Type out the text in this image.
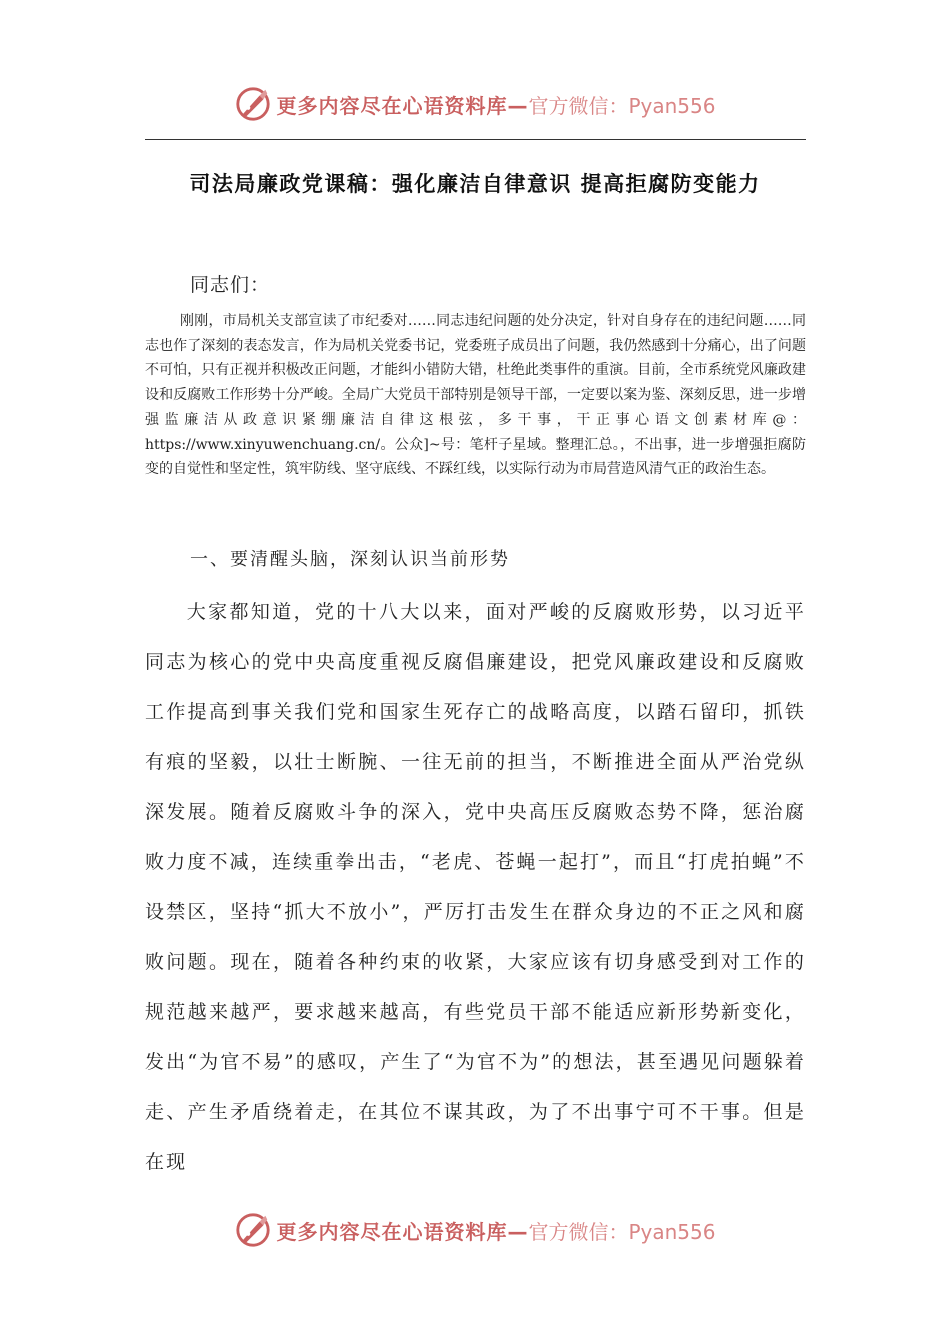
更多内容尽在心语资料库—官方微信：Pyan556
司法局廉政党课稿：强化廉洁自律意识 提高拒腐防变能力
同志们：

刚刚，市局机关支部宣读了市纪委对……同志违纪问题的处分决定，针对自身存在的违纪问题……同志也作了深刻的表态发言，作为局机关党委书记，党委班子成员出了问题，我仍然感到十分痛心，出了问题不可怕，只有正视并积极改正问题，才能纠小错防大错，杜绝此类事件的重演。目前，全市系统党风廉政建设和反腐败工作形势十分严峻。全局广大党员干部特别是领导干部，一定要以案为鉴、深刻反思，进一步增强监廉洁从政意识紧绷廉洁自律这根弦，多干事，干正事心语文创素材库@：https://www.xinyuwenchuang.cn/。公众]~号：笔杆子星域。整理汇总。，不出事，进一步增强拒腐防变的自觉性和坚定性，筑牢防线、坚守底线、不踩红线，以实际行动为市局营造风清气正的政治生态。

一、要清醒头脑，深刻认识当前形势

大家都知道，党的十八大以来，面对严峻的反腐败形势，以习近平同志为核心的党中央高度重视反腐倡廉建设，把党风廉政建设和反腐败工作提高到事关我们党和国家生死存亡的战略高度，以踏石留印，抓铁有痕的坚毅，以壮士断腕、一往无前的担当，不断推进全面从严治党纵深发展。随着反腐败斗争的深入，党中央高压反腐败态势不降，惩治腐败力度不减，连续重拳出击，“老虎、苍蝇一起打”，而且“打虎拍蝇”不设禁区，坚持“抓大不放小”，严厉打击发生在群众身边的不正之风和腐败问题。现在，随着各种约束的收紧，大家应该有切身感受到对工作的规范越来越严，要求越来越高，有些党员干部不能适应新形势新变化，发出“为官不易”的感叹，产生了“为官不为”的想法，甚至遇见问题躲着走、产生矛盾绕着走，在其位不谋其政，为了不出事宁可不干事。但是在现

更多内容尽在心语资料库—官方微信：Pyan556
